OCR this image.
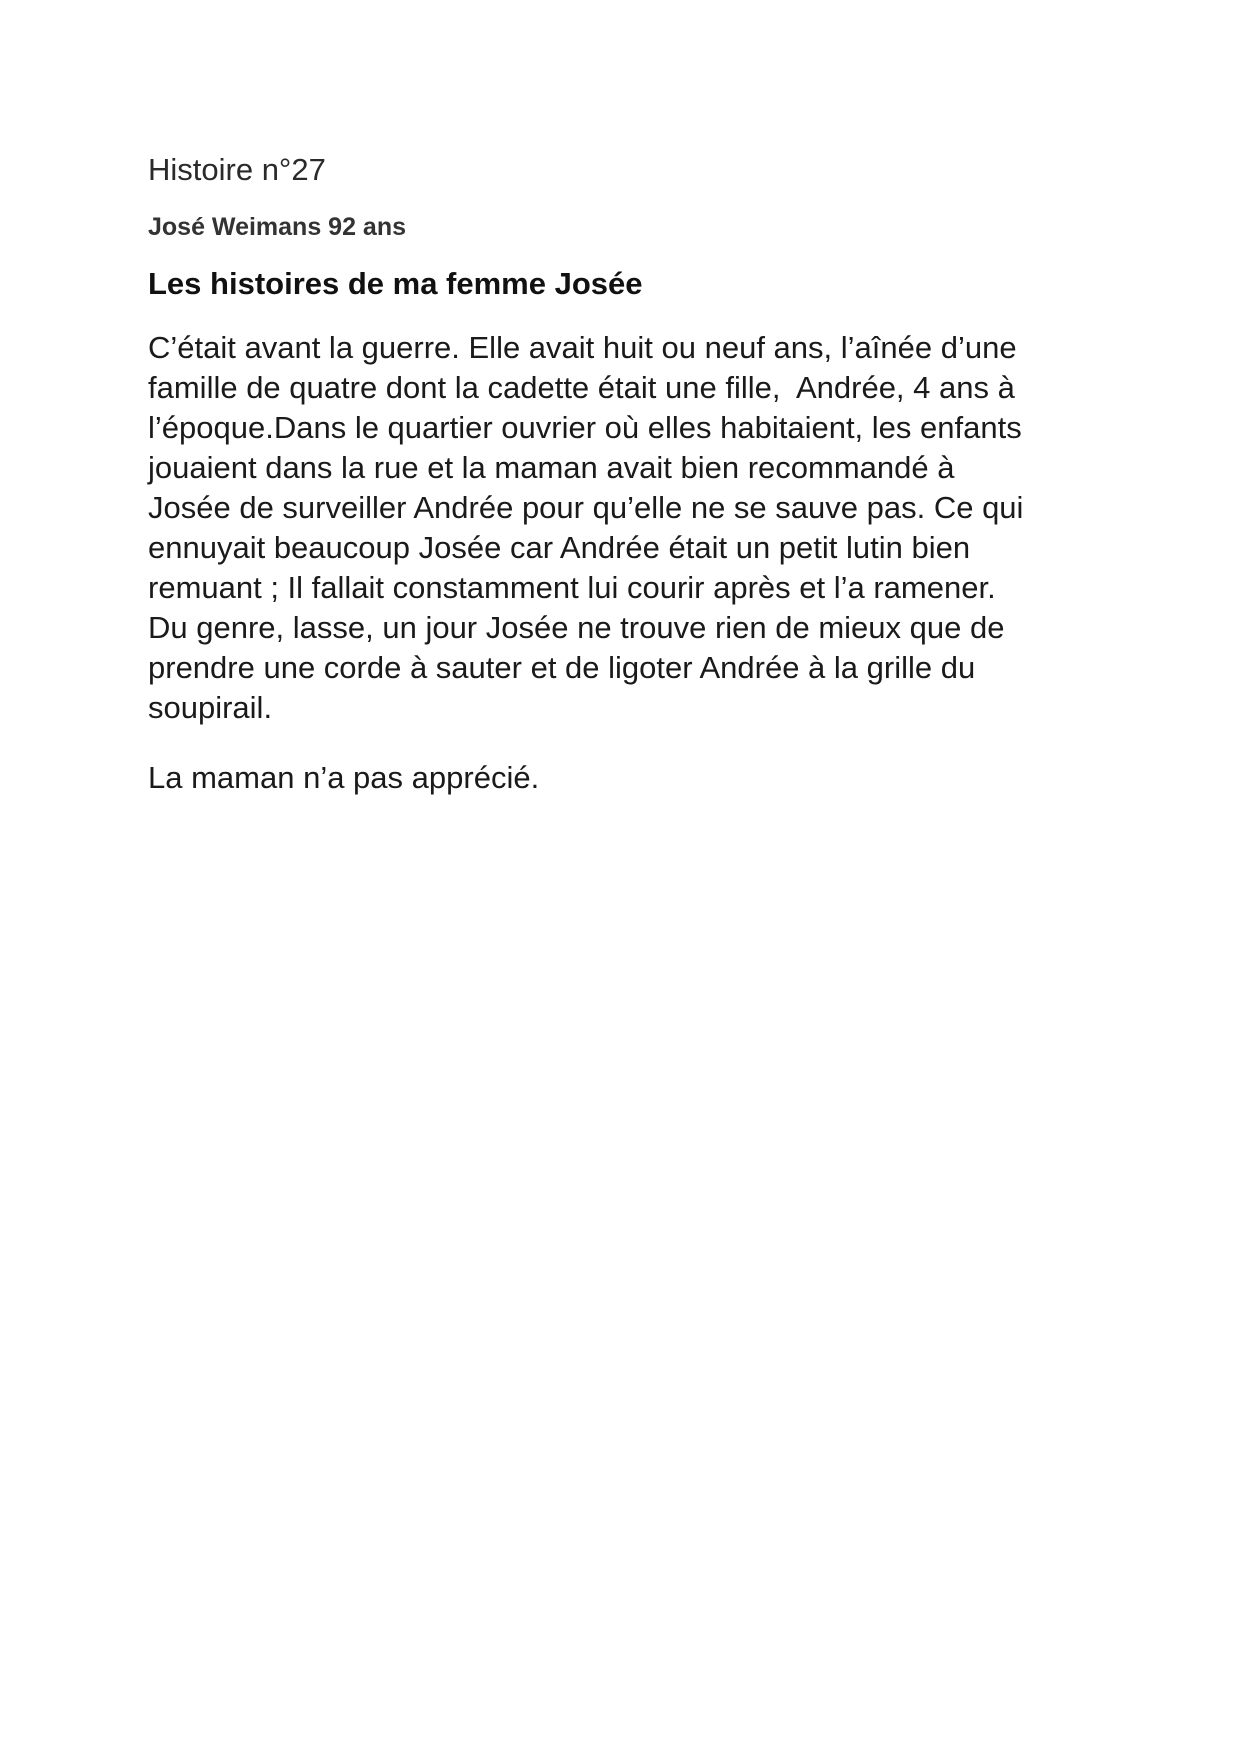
Histoire n°27
José Weimans 92 ans
Les histoires de ma femme Josée
C’était avant la guerre. Elle avait huit ou neuf ans, l’aînée d’une
famille de quatre dont la cadette était une fille,  Andrée, 4 ans à
l’époque.Dans le quartier ouvrier où elles habitaient, les enfants
jouaient dans la rue et la maman avait bien recommandé à
Josée de surveiller Andrée pour qu’elle ne se sauve pas. Ce qui
ennuyait beaucoup Josée car Andrée était un petit lutin bien
remuant ; Il fallait constamment lui courir après et l’a ramener.
Du genre, lasse, un jour Josée ne trouve rien de mieux que de
prendre une corde à sauter et de ligoter Andrée à la grille du
soupirail.
La maman n’a pas apprécié.
